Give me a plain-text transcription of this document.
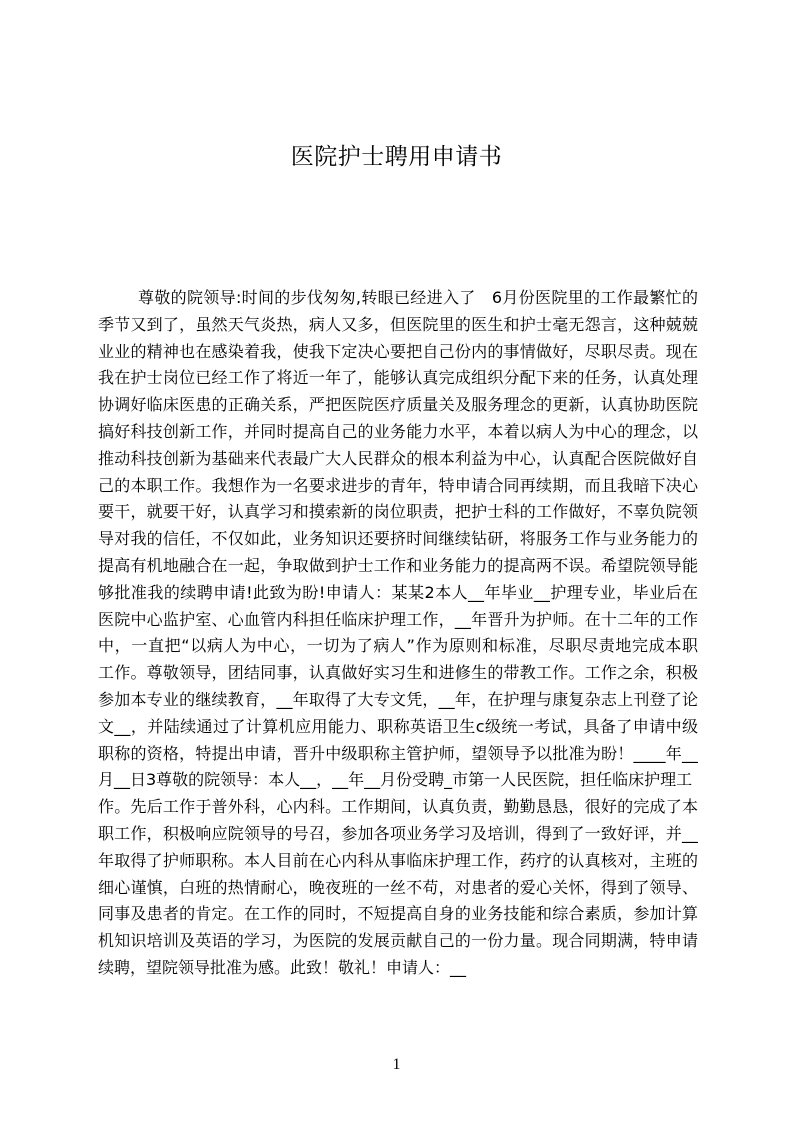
医院护士聘用申请书
尊敬的院领导:时间的步伐匆匆,转眼已经进入了　6月份医院里的工作最繁忙的
季节又到了，虽然天气炎热，病人又多，但医院里的医生和护士毫无怨言，这种兢兢
业业的精神也在感染着我，使我下定决心要把自己份内的事情做好，尽职尽责。现在
我在护士岗位已经工作了将近一年了，能够认真完成组织分配下来的任务，认真处理
协调好临床医患的正确关系，严把医院医疗质量关及服务理念的更新，认真协助医院
搞好科技创新工作，并同时提高自己的业务能力水平，本着以病人为中心的理念，以
推动科技创新为基础来代表最广大人民群众的根本利益为中心，认真配合医院做好自
己的本职工作。我想作为一名要求进步的青年，特申请合同再续期，而且我暗下决心
要干，就要干好，认真学习和摸索新的岗位职责，把护士科的工作做好，不辜负院领
导对我的信任，不仅如此，业务知识还要挤时间继续钻研，将服务工作与业务能力的
提高有机地融合在一起，争取做到护士工作和业务能力的提高两不误。希望院领导能
够批准我的续聘申请!此致为盼!申请人：某某2本人__年毕业__护理专业，毕业后在
医院中心监护室、心血管内科担任临床护理工作，__年晋升为护师。在十二年的工作
中，一直把“以病人为中心，一切为了病人”作为原则和标准，尽职尽责地完成本职
工作。尊敬领导，团结同事，认真做好实习生和进修生的带教工作。工作之余，积极
参加本专业的继续教育，__年取得了大专文凭，__年，在护理与康复杂志上刊登了论
文__，并陆续通过了计算机应用能力、职称英语卫生c级统一考试，具备了申请中级
职称的资格，特提出申请，晋升中级职称主管护师，望领导予以批准为盼！____年__
月__日3尊敬的院领导：本人__，__年__月份受聘_市第一人民医院，担任临床护理工
作。先后工作于普外科，心内科。工作期间，认真负责，勤勤恳恳，很好的完成了本
职工作，积极响应院领导的号召，参加各项业务学习及培训，得到了一致好评，并__
年取得了护师职称。本人目前在心内科从事临床护理工作，药疗的认真核对，主班的
细心谨慎，白班的热情耐心，晚夜班的一丝不苟，对患者的爱心关怀，得到了领导、
同事及患者的肯定。在工作的同时，不短提高自身的业务技能和综合素质，参加计算
机知识培训及英语的学习，为医院的发展贡献自己的一份力量。现合同期满，特申请
续聘，望院领导批准为感。此致！敬礼！申请人：__
1
